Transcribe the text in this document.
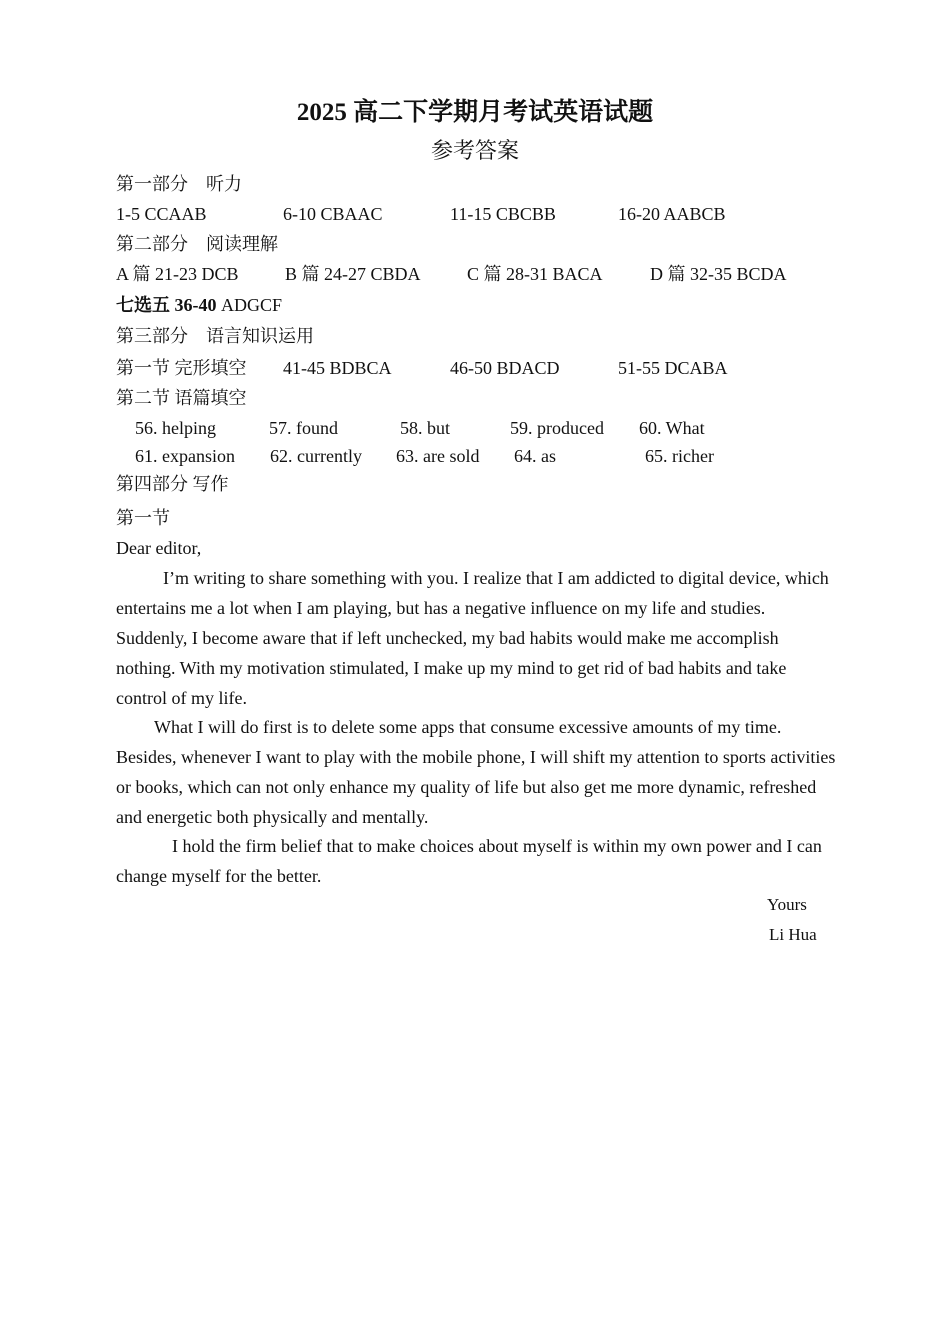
2025 高二下学期月考试英语试题
参考答案
第一部分　听力
1-5 CCAAB	6-10 CBAAC	11-15 CBCBB	16-20 AABCB
第二部分　阅读理解
A 篇 21-23 DCB	B 篇 24-27 CBDA	C 篇 28-31 BACA	D 篇 32-35 BCDA
七选五 36-40 ADGCF
第三部分　语言知识运用
第一节 完形填空 41-45 BDBCA	46-50 BDACD	51-55 DCABA
第二节 语篇填空
56. helping	57. found	58. but	59. produced 60. What
61. expansion 62. currently 63. are sold 64. as	65. richer
第四部分 写作
第一节
Dear editor,
I’m writing to share something with you. I realize that I am addicted to digital device, which entertains me a lot when I am playing, but has a negative influence on my life and studies. Suddenly, I become aware that if left unchecked, my bad habits would make me accomplish nothing. With my motivation stimulated, I make up my mind to get rid of bad habits and take control of my life.
What I will do first is to delete some apps that consume excessive amounts of my time. Besides, whenever I want to play with the mobile phone, I will shift my attention to sports activities or books, which can not only enhance my quality of life but also get me more dynamic, refreshed and energetic both physically and mentally.
I hold the firm belief that to make choices about myself is within my own power and I can change myself for the better.
Yours
Li Hua
